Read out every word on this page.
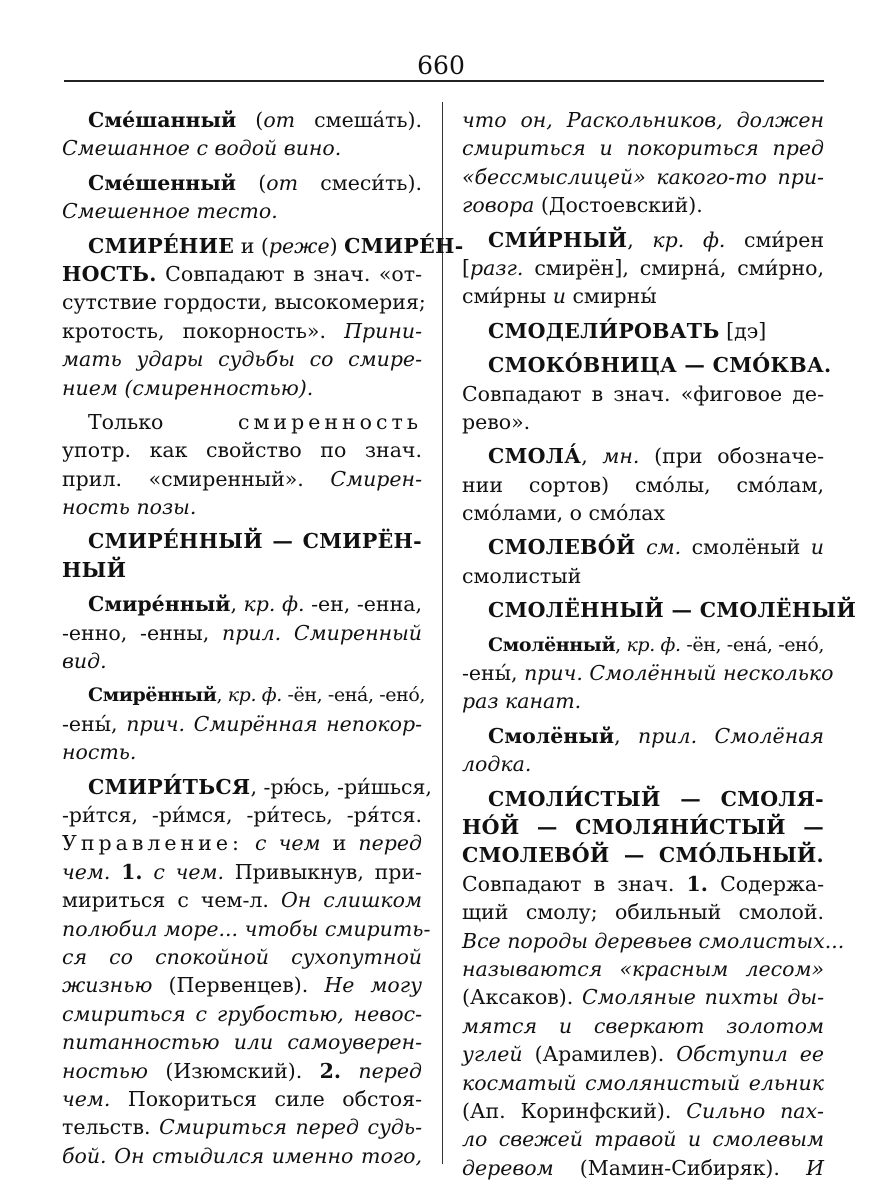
660
Сме́шанный (от смеша́ть).
Смешанное с водой вино.
Сме́шенный (от смеси́ть).
Смешенное тесто.
СМИРЕ́НИЕ и (реже) СМИРЕ́Н-
НОСТЬ. Совпадают в знач. «от-
сутствие гордости, высокомерия;
кротость, покорность». Прини-
мать удары судьбы со смире-
нием (смиренностью).
Только смиренность
употр. как свойство по знач.
прил. «смиренный». Смирен-
ность позы.
СМИРЕ́ННЫЙ — СМИРЁН-
НЫЙ
Смире́нный, кр. ф. -ен, -енна,
-енно, -енны, прил. Смиренный
вид.
Смирённый, кр. ф. -ён, -ена́, -ено́,
-ены́, прич. Смирённая непокор-
ность.
СМИРИ́ТЬСЯ, -рю́сь, -ри́шься,
-ри́тся, -ри́мся, -ри́тесь, -ря́тся.
Управление: с чем и перед
чем. 1. с чем. Привыкнув, при-
мириться с чем-л. Он слишком
полюбил море... чтобы смирить-
ся со спокойной сухопутной
жизнью (Первенцев). Не могу
смириться с грубостью, невос-
питанностью или самоуверен-
ностью (Изюмский). 2. перед
чем. Покориться силе обстоя-
тельств. Смириться перед судь-
бой. Он стыдился именно того,
что он, Раскольников, должен
смириться и покориться пред
«бессмыслицей» какого-то при-
говора (Достоевский).
СМИ́РНЫЙ, кр. ф. сми́рен
[разг. смирён], смирна́, сми́рно,
сми́рны и смирны́
СМОДЕЛИ́РОВАТЬ [дэ]
СМОКО́ВНИЦА — СМО́КВА.
Совпадают в знач. «фиговое де-
рево».
СМОЛА́, мн. (при обозначе-
нии сортов) смо́лы, смо́лам,
смо́лами, о смо́лах
СМОЛЕВО́Й см. смолёный и
смолистый
СМОЛЁННЫЙ — СМОЛЁНЫЙ
Смолённый, кр. ф. -ён, -ена́, -ено́,
-ены́, прич. Смолённый несколько
раз канат.
Смолёный, прил. Смолёная
лодка.
СМОЛИ́СТЫЙ — СМОЛЯ-
НО́Й — СМОЛЯНИ́СТЫЙ —
СМОЛЕВО́Й — СМО́ЛЬНЫЙ.
Совпадают в знач. 1. Содержа-
щий смолу; обильный смолой.
Все породы деревьев смолистых...
называются «красным лесом»
(Аксаков). Смоляные пихты ды-
мятся и сверкают золотом
углей (Арамилев). Обступил ее
косматый смолянистый ельник
(Ап. Коринфский). Сильно пах-
ло свежей травой и смолевым
деревом (Мамин-Сибиряк). И
